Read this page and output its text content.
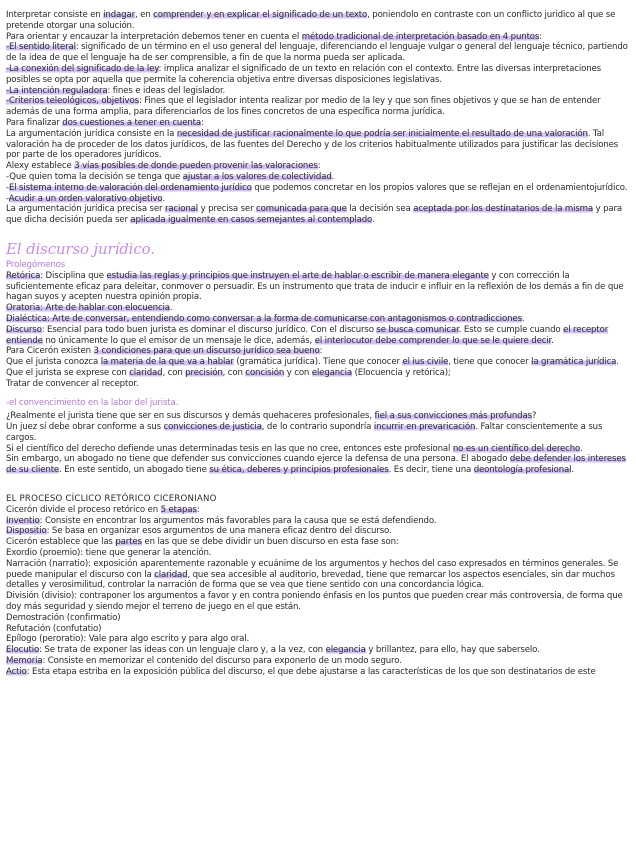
Interpretar consiste en indagar, en comprender y en explicar el significado de un texto, poniendolo en contraste con un conflicto juridico al que se pretende otorgar una solución.

Para orientar y encauzar la interpretación debemos tener en cuenta el método tradicional de interpretación basado en 4 puntos:

-El sentido literal: significado de un término en el uso general del lenguaje, diferenciando el lenguaje vulgar o general del lenguaje técnico, partiendo de la idea de que el lenguaje ha de ser comprensible, a fin de que la norma pueda ser aplicada.

-La conexión del significado de la ley: implica analizar el significado de un texto en relación con el contexto. Entre las diversas interpretaciones posibles se opta por aquella que permite la coherencia objetiva entre diversas disposiciones legislativas.

-La intención reguladora: fines e ideas del legislador.

-Criterios teleológicos, objetivos: Fines que el legislador intenta realizar por medio de la ley y que son fines objetivos y que se han de entender además de una forma amplia, para diferenciarlos de los fines concretos de una específica norma jurídica.

Para finalizar dos cuestiones a tener en cuenta:

La argumentación jurídica consiste en la necesidad de justificar racionalmente lo que podría ser inicialmente el resultado de una valoración. Tal valoración ha de proceder de los datos jurídicos, de las fuentes del Derecho y de los criterios habitualmente utilizados para justificar las decisiones por parte de los operadores jurídicos.

Alexy establece 3 vías posibles de donde pueden provenir las valoraciones:

-Que quien toma la decisión se tenga que ajustar a los valores de colectividad.

-El sistema interno de valoración del ordenamiento jurídico que podemos concretar en los propios valores que se reflejan en el ordenamientojurídico.

-Acudir a un orden valorativo objetivo.

La argumentación jurídica precisa ser racional y precisa ser comunicada para que la decisión sea aceptada por los destinatarios de la misma y para que dicha decisión pueda ser aplicada igualmente en casos semejantes al contemplado.

El discurso jurídico.
Prolegómenos

Retórica: Disciplina que estudia las reglas y principios que instruyen el arte de hablar o escribir de manera elegante y con corrección la suficientemente eficaz para deleitar, conmover o persuadir. Es un instrumento que trata de inducir e influir en la reflexión de los demás a fin de que hagan suyos y acepten nuestra opinión propia.

Oratoria: Arte de hablar con elocuencia.

Dialéctica: Arte de conversar, entendiendo como conversar a la forma de comunicarse con antagonismos o contradicciones.

Discurso: Esencial para todo buen jurista es dominar el discurso jurídico. Con el discurso se busca comunicar. Esto se cumple cuando el receptor entiende no únicamente lo que el emisor de un mensaje le dice, además, el interlocutor debe comprender lo que se le quiere decir.

Para Cicerón existen 3 condiciones para que un discurso jurídico sea bueno:

Que el jurista conozca la materia de la que va a hablar (gramática jurídica). Tiene que conocer el ius civile, tiene que conocer la gramática jurídica.

Que el jurista se exprese con claridad, con precisión, con concisión y con elegancia (Elocuencia y retórica);

Tratar de convencer al receptor.

-el convencimiento en la labor del jurista.

¿Realmente el jurista tiene que ser en sus discursos y demás quehaceres profesionales, fiel a sus convicciones más profundas?

Un juez sí debe obrar conforme a sus convicciones de justicia, de lo contrario supondría incurrir en prevaricación. Faltar conscientemente a sus cargos.

Si el científico del derecho defiende unas determinadas tesis en las que no cree, entonces este profesional no es un científico del derecho.

Sin embargo, un abogado no tiene que defender sus convicciones cuando ejerce la defensa de una persona. El abogado debe defender los intereses de su cliente. En este sentido, un abogado tiene su ética, deberes y principios profesionales. Es decir, tiene una deontología profesional.

EL PROCESO CÍCLICO RETÓRICO CICERONIANO

Cicerón divide el proceso retórico en 5 etapas:

Inventio: Consiste en encontrar los argumentos más favorables para la causa que se está defendiendo.

Dispositio: Se basa en organizar esos argumentos de una manera eficaz dentro del discurso.

Cicerón establece que las partes en las que se debe dividir un buen discurso en esta fase son:

Exordio (proemio): tiene que generar la atención.

Narración (narratio): exposición aparentemente razonable y ecuánime de los argumentos y hechos del caso expresados en términos generales. Se puede manipular el discurso con la claridad, que sea accesible al auditorio, brevedad, tiene que remarcar los aspectos esenciales, sin dar muchos detalles y verosimilitud, controlar la narración de forma que se vea que tiene sentido con una concordancia lógica.

División (divisio): contraponer los argumentos a favor y en contra poniendo énfasis en los puntos que pueden crear más controversia, de forma que doy más seguridad y siendo mejor el terreno de juego en el que están.

Demostración (confirmatio)

Refutación (confutatio)

Epílogo (peroratio): Vale para algo escrito y para algo oral.

Elocutio: Se trata de exponer las ideas con un lenguaje claro y, a la vez, con elegancia y brillantez, para ello, hay que saberselo.

Memoria: Consiste en memorizar el contenido del discurso para exponerlo de un modo seguro.

Actio: Esta etapa estriba en la exposición pública del discurso, el que debe ajustarse a las características de los que son destinatarios de este
